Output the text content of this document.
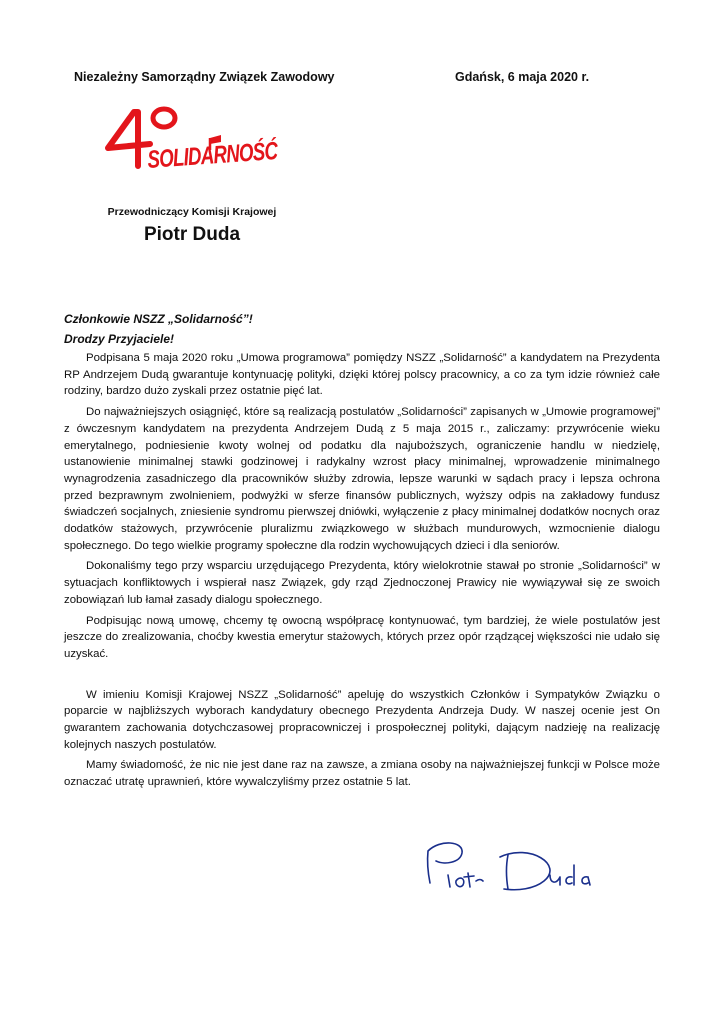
Niezależny Samorządny Związek Zawodowy	Gdańsk, 6 maja 2020 r.
SOLIDARNOŚĆ
Przewodniczący Komisji Krajowej
Piotr Duda
Członkowie NSZZ „Solidarność”!
Drodzy Przyjaciele!

Podpisana 5 maja 2020 roku „Umowa programowa” pomiędzy NSZZ „Solidarność” a kandydatem na Prezydenta RP Andrzejem Dudą gwarantuje kontynuację polityki, dzięki której polscy pracownicy, a co za tym idzie również całe rodziny, bardzo dużo zyskali przez ostatnie pięć lat.

Do najważniejszych osiągnięć, które są realizacją postulatów „Solidarności” zapisanych w „Umowie programowej” z ówczesnym kandydatem na prezydenta Andrzejem Dudą z 5 maja 2015 r., zaliczamy: przywrócenie wieku emerytalnego, podniesienie kwoty wolnej od podatku dla najuboższych, ograniczenie handlu w niedzielę, ustanowienie minimalnej stawki godzinowej i radykalny wzrost płacy minimalnej, wprowadzenie minimalnego wynagrodzenia zasadniczego dla pracowników służby zdrowia, lepsze warunki w sądach pracy i lepsza ochrona przed bezprawnym zwolnieniem, podwyżki w sferze finansów publicznych, wyższy odpis na zakładowy fundusz świadczeń socjalnych, zniesienie syndromu pierwszej dniówki, wyłączenie z płacy minimalnej dodatków nocnych oraz dodatków stażowych, przywrócenie pluralizmu związkowego w służbach mundurowych, wzmocnienie dialogu społecznego. Do tego wielkie programy społeczne dla rodzin wychowujących dzieci i dla seniorów.

Dokonaliśmy tego przy wsparciu urzędującego Prezydenta, który wielokrotnie stawał po stronie „Solidarności” w sytuacjach konfliktowych i wspierał nasz Związek, gdy rząd Zjednoczonej Prawicy nie wywiązywał się ze swoich zobowiązań lub łamał zasady dialogu społecznego.

Podpisując nową umowę, chcemy tę owocną współpracę kontynuować, tym bardziej, że wiele postulatów jest jeszcze do zrealizowania, choćby kwestia emerytur stażowych, których przez opór rządzącej większości nie udało się uzyskać.

W imieniu Komisji Krajowej NSZZ „Solidarność” apeluję do wszystkich Członków i Sympatyków Związku o poparcie w najbliższych wyborach kandydatury obecnego Prezydenta Andrzeja Dudy. W naszej ocenie jest On gwarantem zachowania dotychczasowej propracowniczej i prospołecznej polityki, dającym nadzieję na realizację kolejnych naszych postulatów.

Mamy świadomość, że nic nie jest dane raz na zawsze, a zmiana osoby na najważniejszej funkcji w Polsce może oznaczać utratę uprawnień, które wywalczyliśmy przez ostatnie 5 lat.
